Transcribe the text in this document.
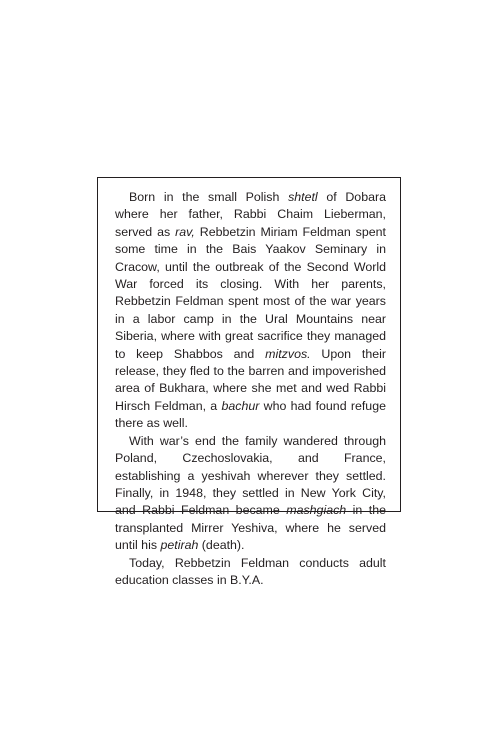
Born in the small Polish shtetl of Dobara where her father, Rabbi Chaim Lieberman, served as rav, Rebbetzin Miriam Feldman spent some time in the Bais Yaakov Seminary in Cracow, until the outbreak of the Second World War forced its closing. With her parents, Rebbetzin Feldman spent most of the war years in a labor camp in the Ural Mountains near Siberia, where with great sacrifice they managed to keep Shabbos and mitzvos. Upon their release, they fled to the barren and impoverished area of Bukhara, where she met and wed Rabbi Hirsch Feldman, a bachur who had found refuge there as well.

With war’s end the family wandered through Poland, Czechoslovakia, and France, establishing a yeshivah wherever they settled. Finally, in 1948, they settled in New York City, and Rabbi Feldman became mashgiach in the transplanted Mirrer Yeshiva, where he served until his petirah (death).

Today, Rebbetzin Feldman conducts adult education classes in B.Y.A.
